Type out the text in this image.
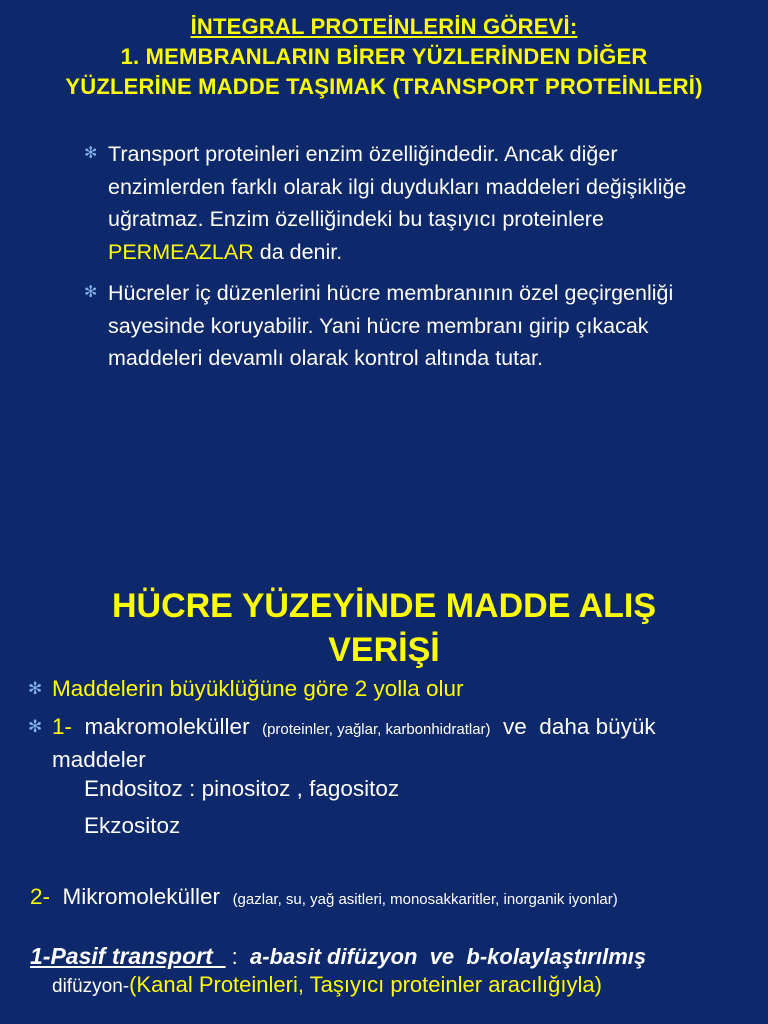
İNTEGRAL PROTEİNLERİN GÖREVİ:
1. MEMBRANLARIN BİRER YÜZLERİNDEN DİĞER
YÜZLERİNE MADDE TAŞIMAK (TRANSPORT PROTEİNLERİ)
✻ Transport proteinleri enzim özelliğindedir. Ancak diğer enzimlerden farklı olarak ilgi duydukları maddeleri değişikliğe uğratmaz. Enzim özelliğindeki bu taşıyıcı proteinlere PERMEAZLAR da denir.
✻ Hücreler iç düzenlerini hücre membranının özel geçirgenliği sayesinde koruyabilir. Yani hücre membranı girip çıkacak maddeleri devamlı olarak kontrol altında tutar.
HÜCRE YÜZEYİNDE MADDE ALIŞ
VERİŞİ
✻ Maddelerin büyüklüğüne göre 2 yolla olur
✻ 1-  makromoleküller  (proteinler, yağlar, karbonhidratlar)  ve  daha büyük maddeler
Endositoz : pinositoz , fagositoz
Ekzositoz
2-  Mikromoleküller  (gazlar, su, yağ asitleri, monosakkaritler, inorganik iyonlar)
1-Pasif transport   :  a-basit difüzyon  ve  b-kolaylaştırılmış
difüzyon-(Kanal Proteinleri, Taşıyıcı proteinler aracılığıyla)
